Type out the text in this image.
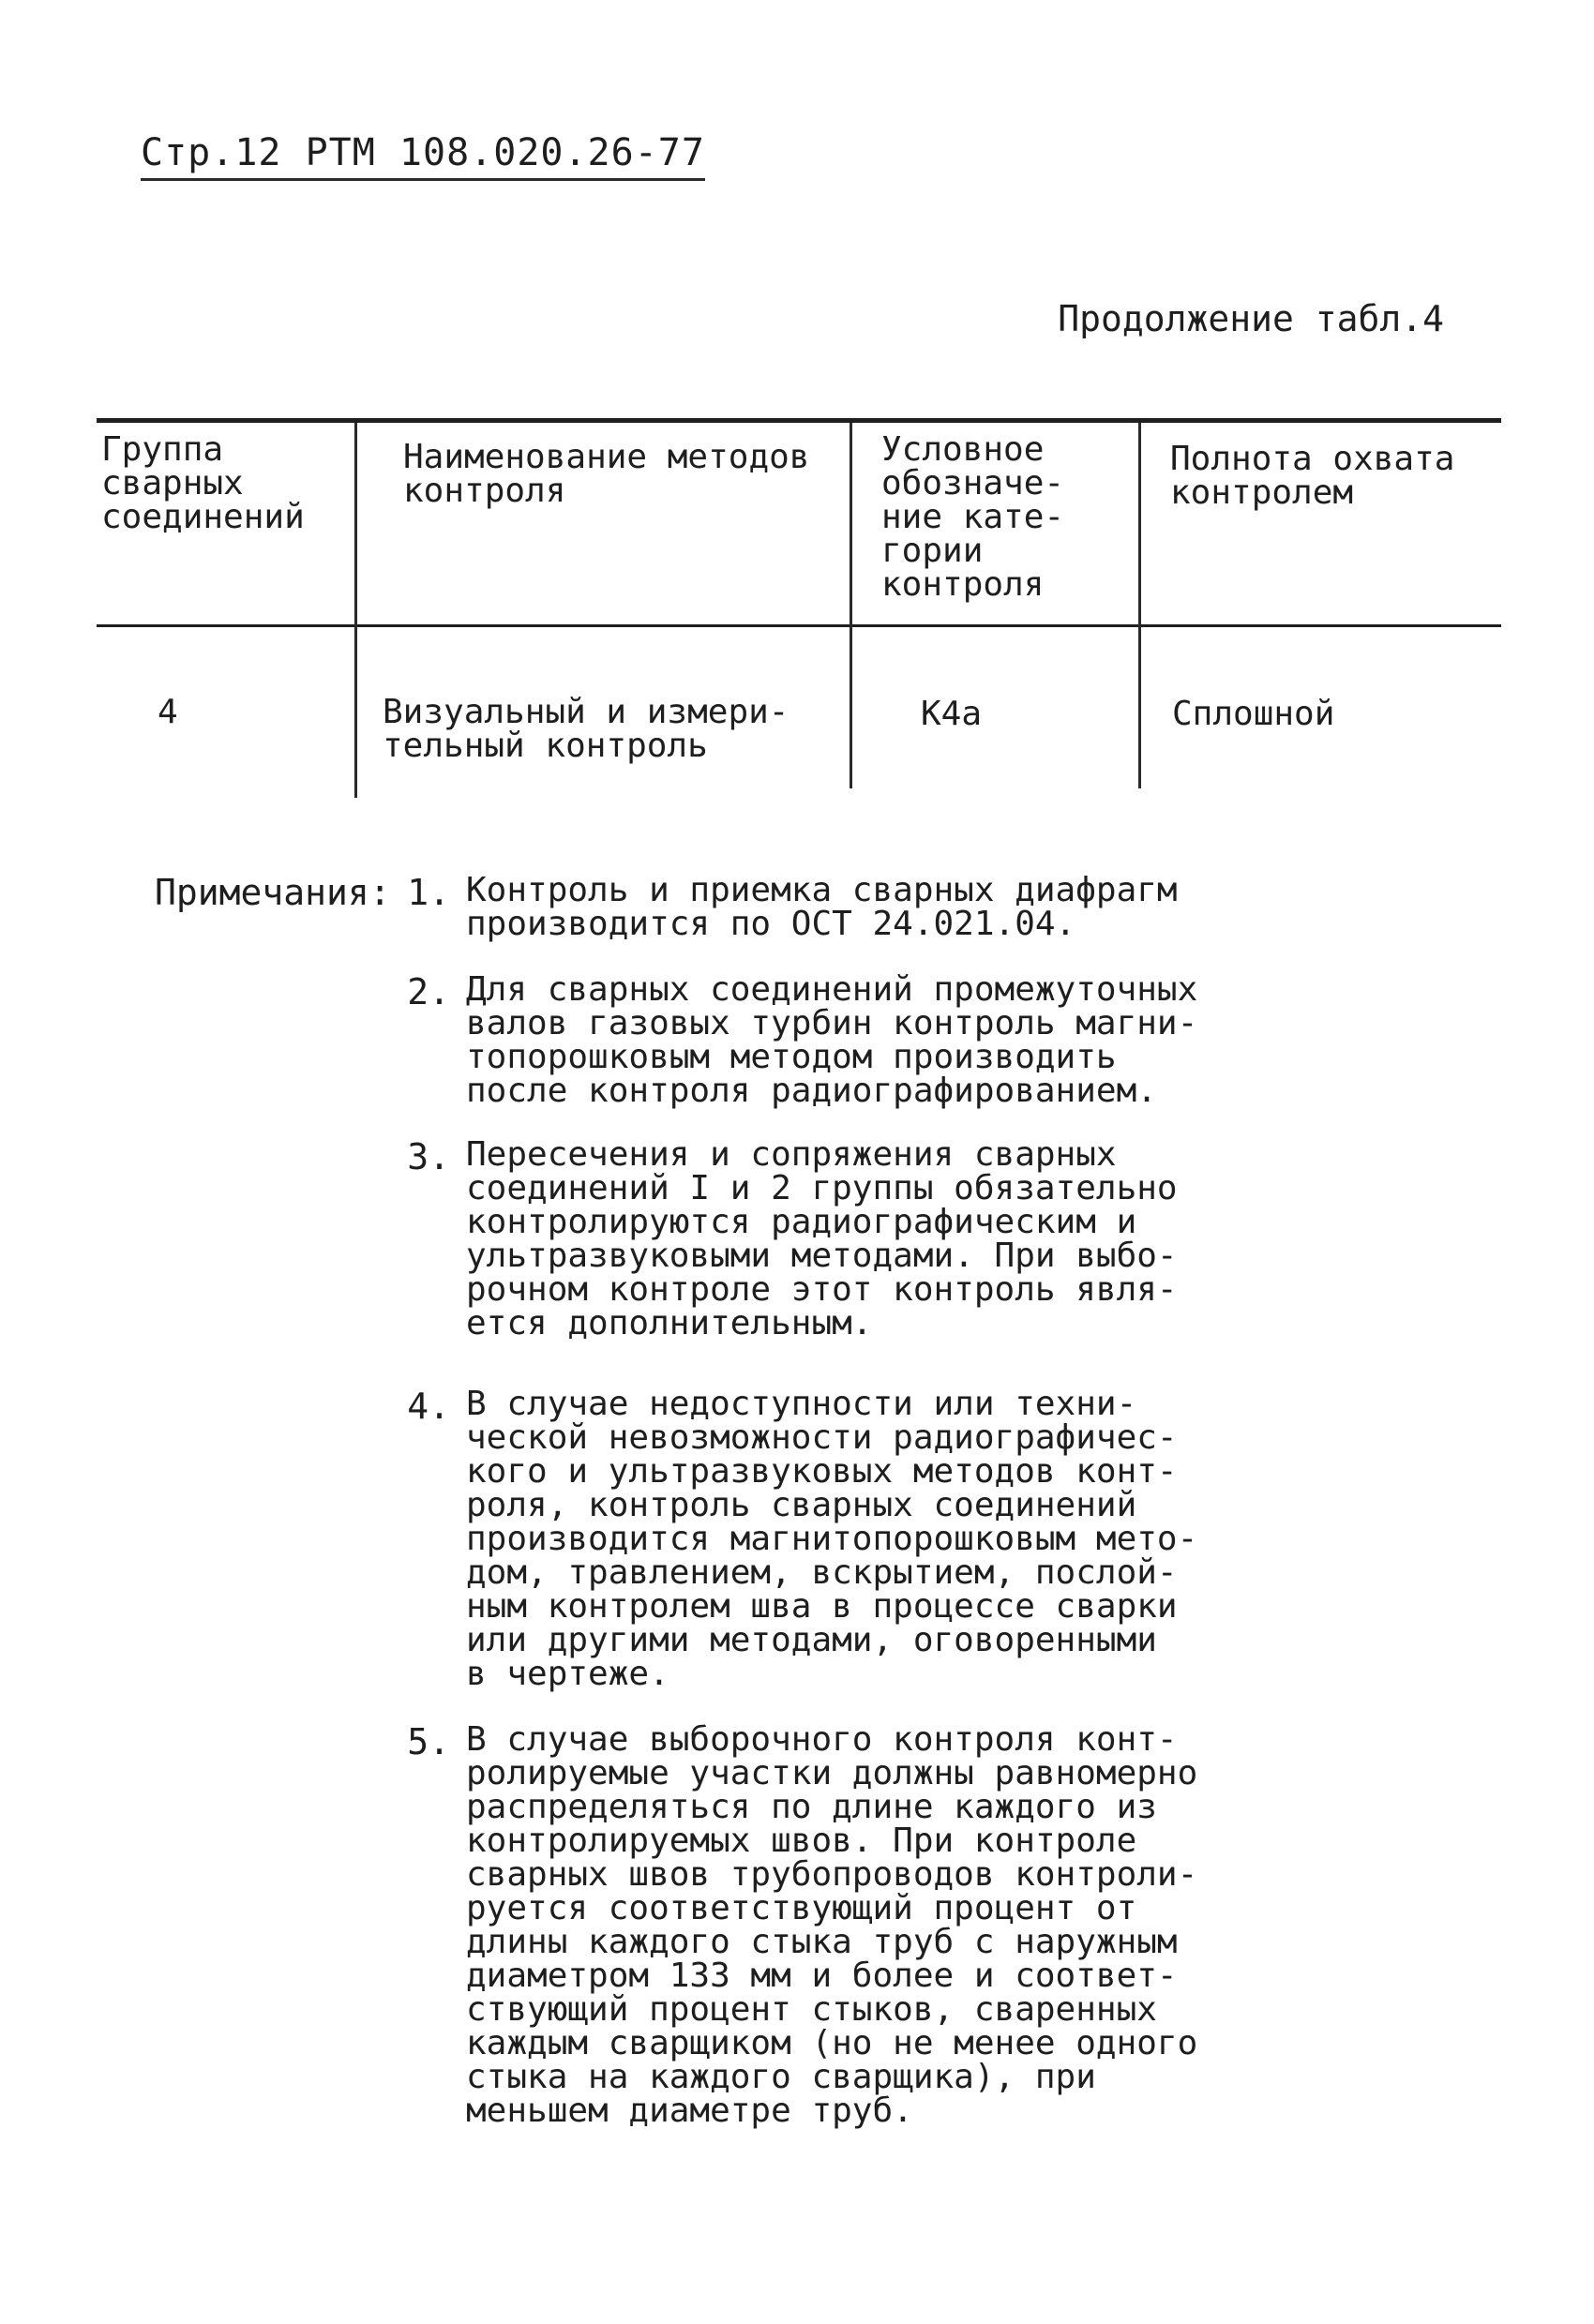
Стр.12 РТМ 108.020.26-77
Продолжение табл.4
Группа
сварных
соединений
Наименование методов
контроля
Условное
обозначе-
ние кате-
гории
контроля
Полнота охвата
контролем
4	Визуальный и измери-
тельный контроль
К4а	Сплошной
Примечания: 1. Контроль и приемка сварных диафрагм
производится по ОСТ 24.021.04.
2. Для сварных соединений промежуточных
валов газовых турбин контроль магни-
топорошковым методом производить
после контроля радиографированием.
3. Пересечения и сопряжения сварных
соединений I и 2 группы обязательно
контролируются радиографическим и
ультразвуковыми методами. При выбо-
рочном контроле этот контроль явля-
ется дополнительным.
4. В случае недоступности или техни-
ческой невозможности радиографичес-
кого и ультразвуковых методов конт-
роля, контроль сварных соединений
производится магнитопорошковым мето-
дом, травлением, вскрытием, послой-
ным контролем шва в процессе сварки
или другими методами, оговоренными
в чертеже.
5. В случае выборочного контроля конт-
ролируемые участки должны равномерно
распределяться по длине каждого из
контролируемых швов. При контроле
сварных швов трубопроводов контроли-
руется соответствующий процент от
длины каждого стыка труб с наружным
диаметром 133 мм и более и соответ-
ствующий процент стыков, сваренных
каждым сварщиком (но не менее одного
стыка на каждого сварщика), при
меньшем диаметре труб.
